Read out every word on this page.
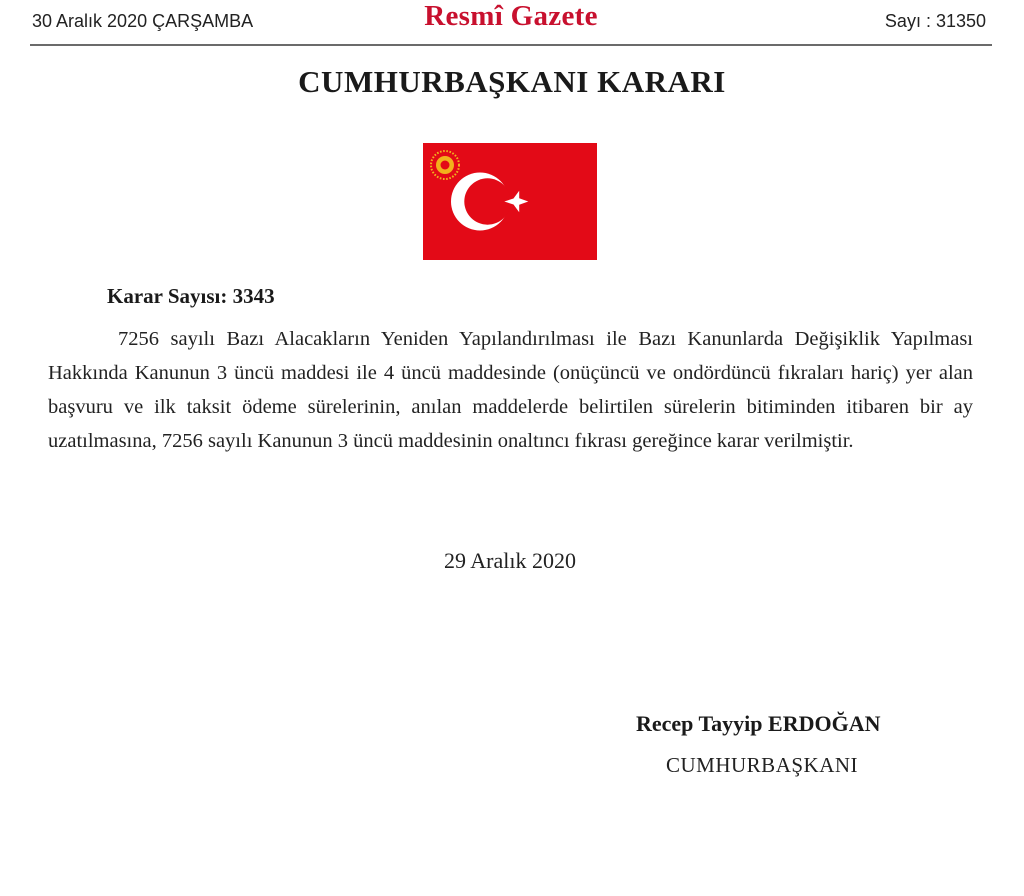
30 Aralık 2020 ÇARŞAMBA	Resmî Gazete	Sayı : 31350
CUMHURBAŞKANI KARARI
Karar Sayısı: 3343
7256 sayılı Bazı Alacakların Yeniden Yapılandırılması ile Bazı Kanunlarda Değişiklik Yapılması Hakkında Kanunun 3 üncü maddesi ile 4 üncü maddesinde (onüçüncü ve ondördüncü fıkraları hariç) yer alan başvuru ve ilk taksit ödeme sürelerinin, anılan maddelerde belirtilen sürelerin bitiminden itibaren bir ay uzatılmasına, 7256 sayılı Kanunun 3 üncü maddesinin onaltıncı fıkrası gereğince karar verilmiştir.
29 Aralık 2020
Recep Tayyip ERDOĞAN
CUMHURBAŞKANI
